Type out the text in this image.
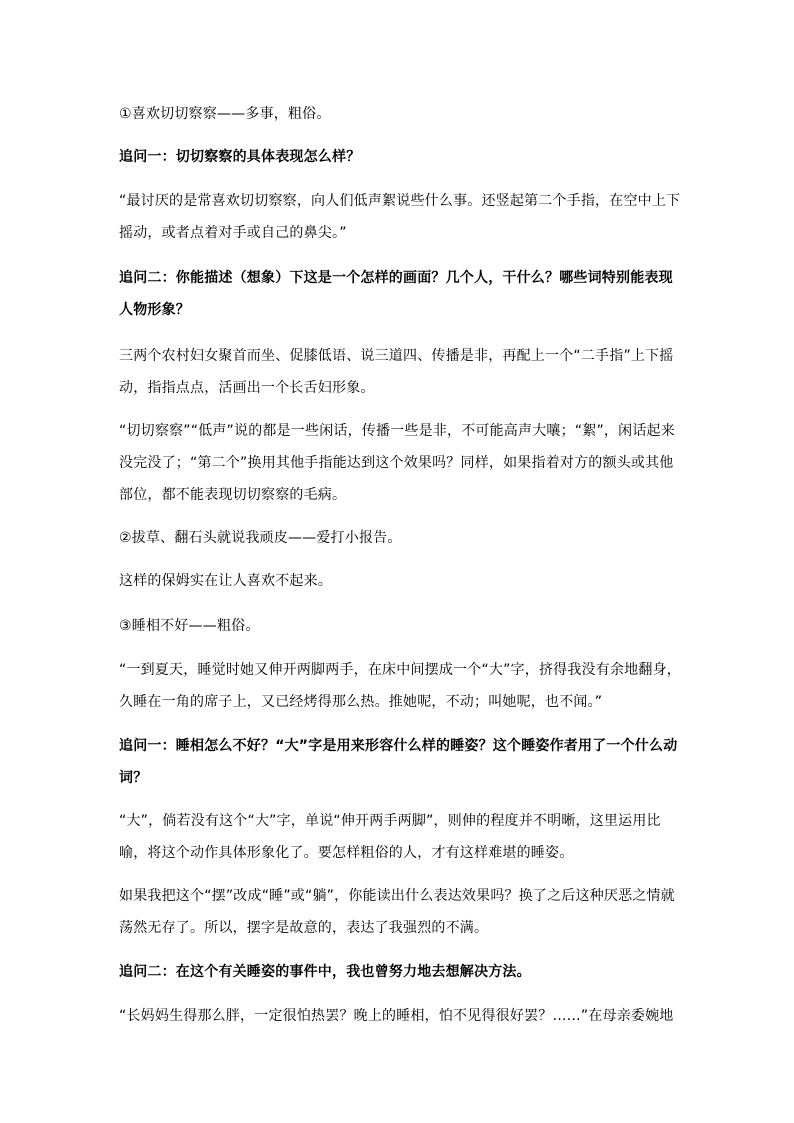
①喜欢切切察察——多事，粗俗。

追问一：切切察察的具体表现怎么样？

“最讨厌的是常喜欢切切察察，向人们低声絮说些什么事。还竖起第二个手指，在空中上下摇动，或者点着对手或自己的鼻尖。”

追问二：你能描述（想象）下这是一个怎样的画面？几个人，干什么？哪些词特别能表现人物形象？

三两个农村妇女聚首而坐、促膝低语、说三道四、传播是非，再配上一个“二手指”上下摇动，指指点点，活画出一个长舌妇形象。

“切切察察”“低声”说的都是一些闲话，传播一些是非，不可能高声大嚷；“絮”，闲话起来没完没了；“第二个”换用其他手指能达到这个效果吗？同样，如果指着对方的额头或其他部位，都不能表现切切察察的毛病。

②拔草、翻石头就说我顽皮——爱打小报告。

这样的保姆实在让人喜欢不起来。

③睡相不好——粗俗。

“一到夏天，睡觉时她又伸开两脚两手，在床中间摆成一个“大”字，挤得我没有余地翻身，久睡在一角的席子上，又已经烤得那么热。推她呢，不动；叫她呢，也不闻。”

追问一：睡相怎么不好？“大”字是用来形容什么样的睡姿？这个睡姿作者用了一个什么动词？

“大”，倘若没有这个“大”字，单说“伸开两手两脚”，则伸的程度并不明晰，这里运用比喻，将这个动作具体形象化了。要怎样粗俗的人，才有这样难堪的睡姿。

如果我把这个“摆”改成“睡”或“躺”，你能读出什么表达效果吗？换了之后这种厌恶之情就荡然无存了。所以，摆字是故意的，表达了我强烈的不满。

追问二：在这个有关睡姿的事件中，我也曾努力地去想解决方法。

“长妈妈生得那么胖，一定很怕热罢？晚上的睡相，怕不见得很好罢？……”在母亲委婉地
